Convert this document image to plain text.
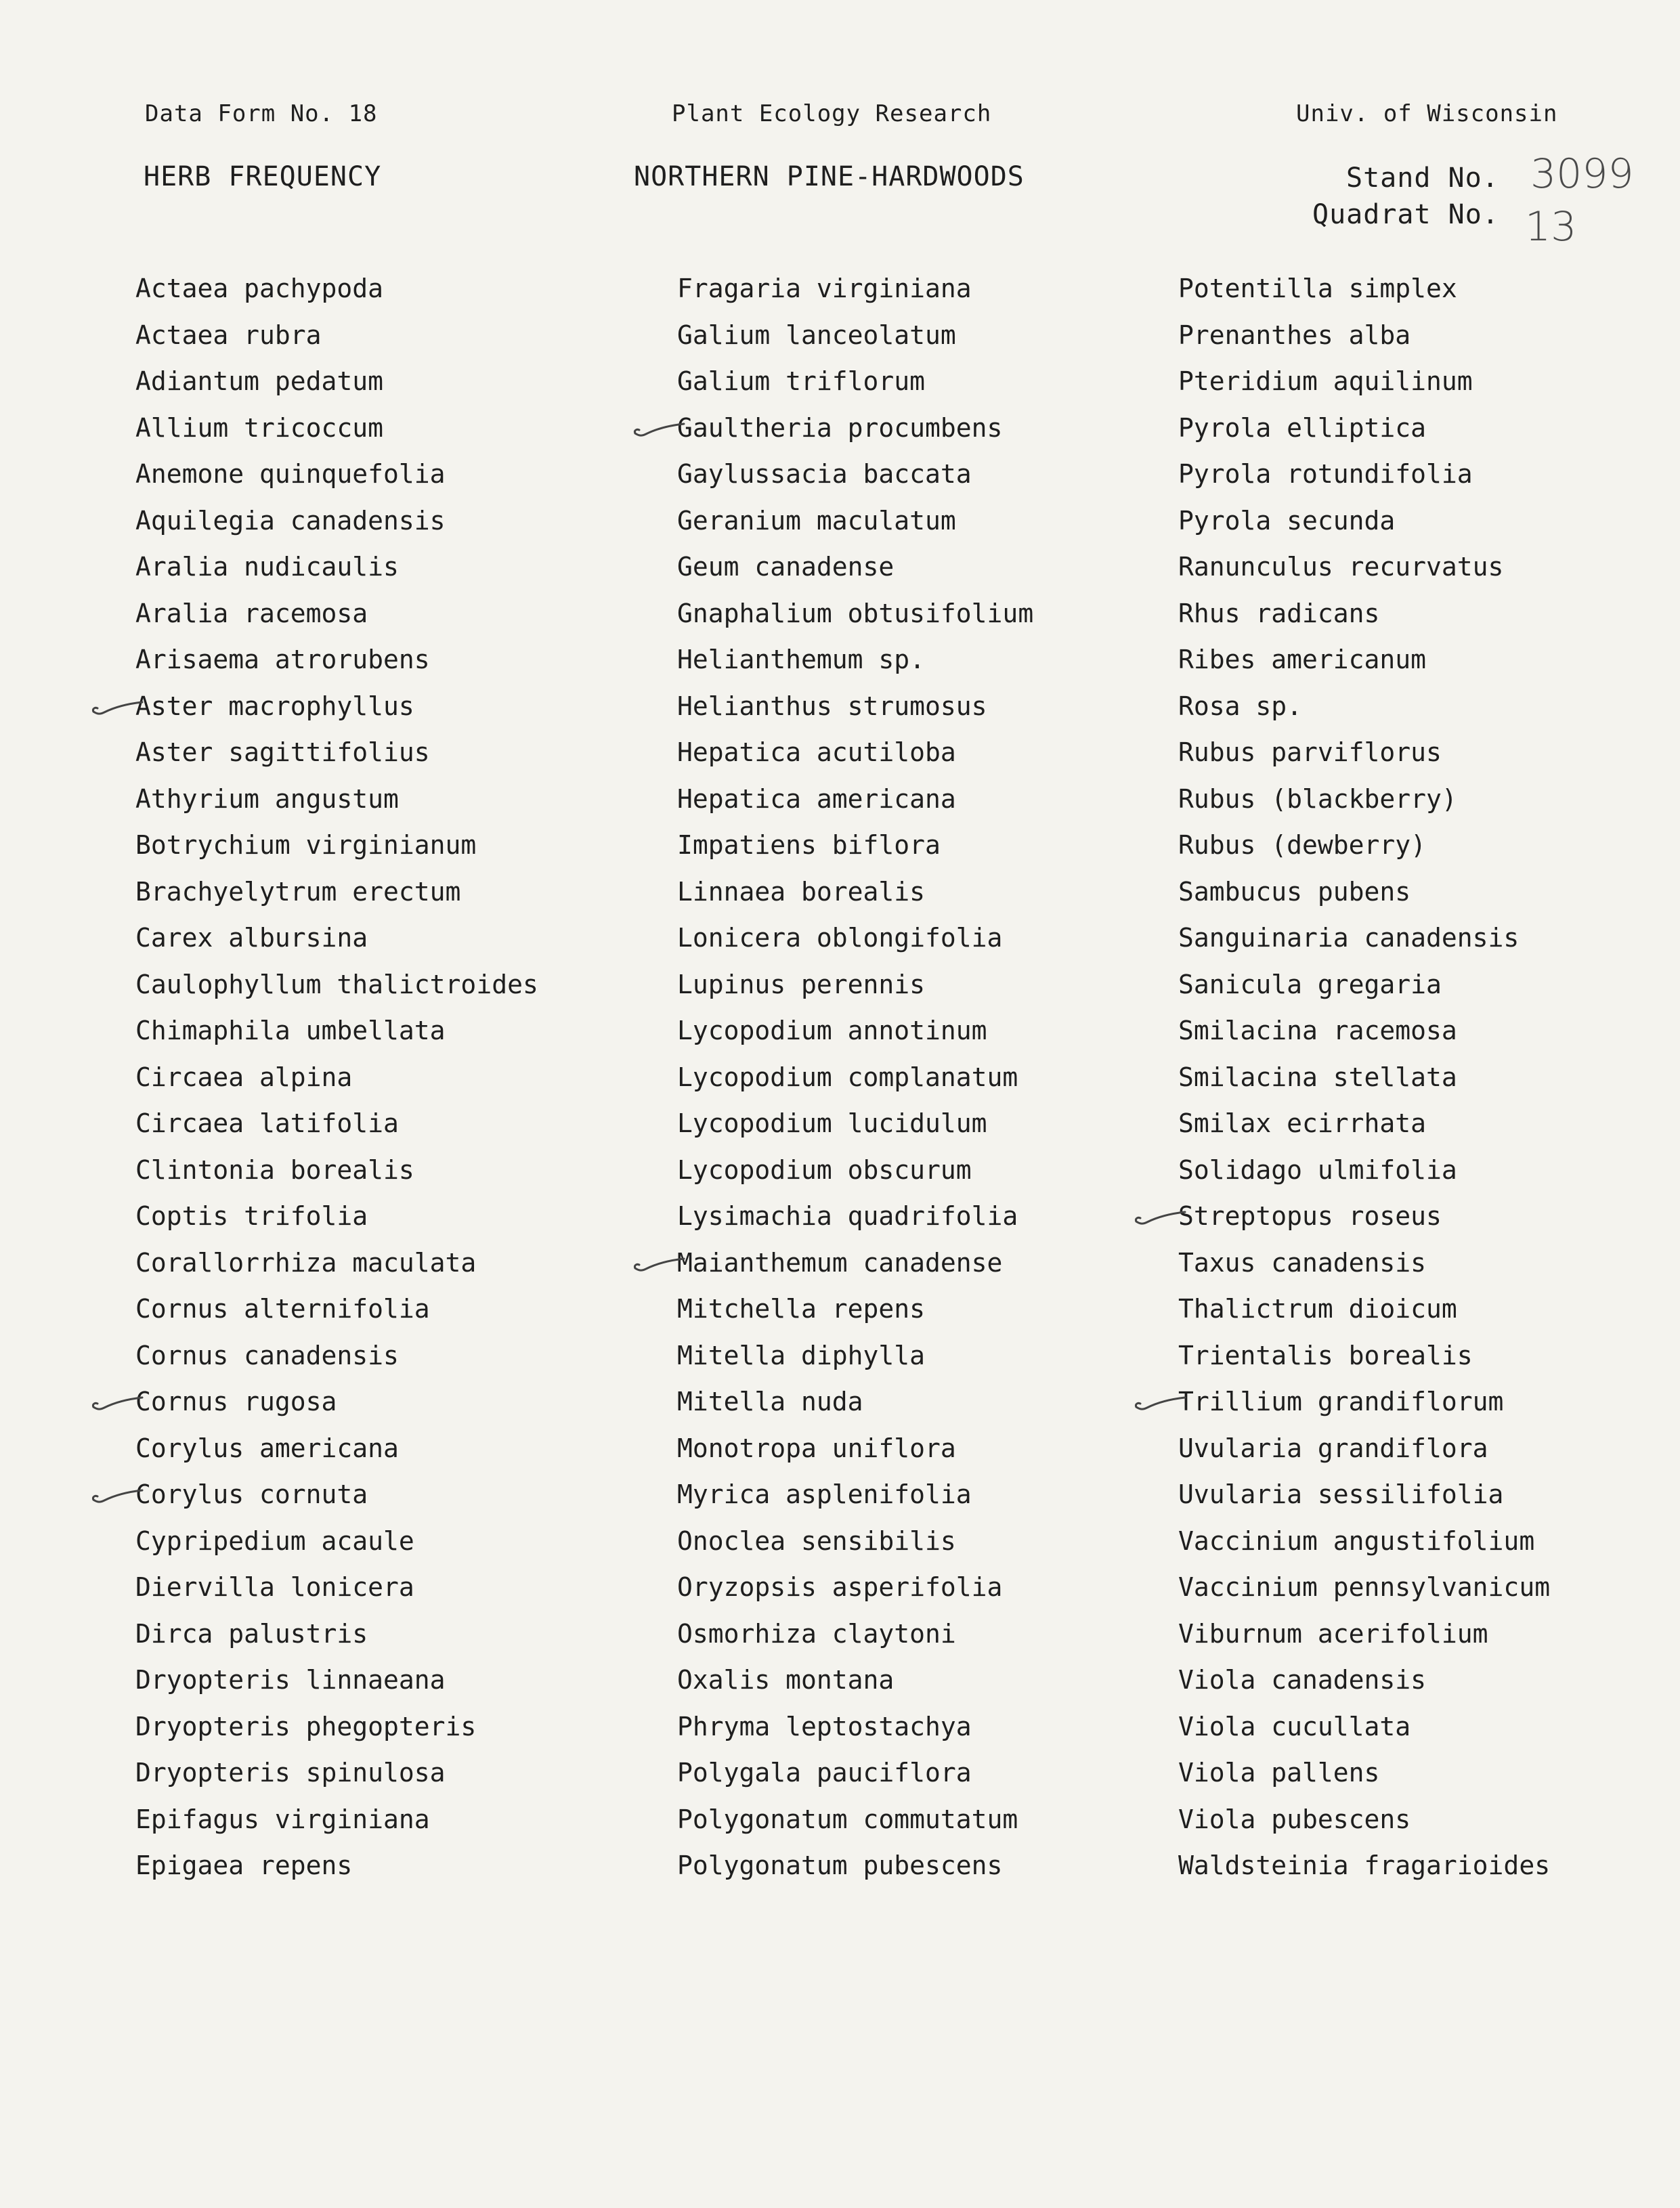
Data Form No. 18	Plant Ecology Research	Univ. of Wisconsin
HERB FREQUENCY	NORTHERN PINE-HARDWOODS	Stand No. 3099
Quadrat No. 13
Actaea pachypoda
Actaea rubra
Adiantum pedatum
Allium tricoccum
Anemone quinquefolia
Aquilegia canadensis
Aralia nudicaulis
Aralia racemosa
Arisaema atrorubens
Aster macrophyllus
Aster sagittifolius
Athyrium angustum
Botrychium virginianum
Brachyelytrum erectum
Carex albursina
Caulophyllum thalictroides
Chimaphila umbellata
Circaea alpina
Circaea latifolia
Clintonia borealis
Coptis trifolia
Corallorrhiza maculata
Cornus alternifolia
Cornus canadensis
Cornus rugosa
Corylus americana
Corylus cornuta
Cypripedium acaule
Diervilla lonicera
Dirca palustris
Dryopteris linnaeana
Dryopteris phegopteris
Dryopteris spinulosa
Epifagus virginiana
Epigaea repens
Fragaria virginiana
Galium lanceolatum
Galium triflorum
Gaultheria procumbens
Gaylussacia baccata
Geranium maculatum
Geum canadense
Gnaphalium obtusifolium
Helianthemum sp.
Helianthus strumosus
Hepatica acutiloba
Hepatica americana
Impatiens biflora
Linnaea borealis
Lonicera oblongifolia
Lupinus perennis
Lycopodium annotinum
Lycopodium complanatum
Lycopodium lucidulum
Lycopodium obscurum
Lysimachia quadrifolia
Maianthemum canadense
Mitchella repens
Mitella diphylla
Mitella nuda
Monotropa uniflora
Myrica asplenifolia
Onoclea sensibilis
Oryzopsis asperifolia
Osmorhiza claytoni
Oxalis montana
Phryma leptostachya
Polygala pauciflora
Polygonatum commutatum
Polygonatum pubescens
Potentilla simplex
Prenanthes alba
Pteridium aquilinum
Pyrola elliptica
Pyrola rotundifolia
Pyrola secunda
Ranunculus recurvatus
Rhus radicans
Ribes americanum
Rosa sp.
Rubus parviflorus
Rubus (blackberry)
Rubus (dewberry)
Sambucus pubens
Sanguinaria canadensis
Sanicula gregaria
Smilacina racemosa
Smilacina stellata
Smilax ecirrhata
Solidago ulmifolia
Streptopus roseus
Taxus canadensis
Thalictrum dioicum
Trientalis borealis
Trillium grandiflorum
Uvularia grandiflora
Uvularia sessilifolia
Vaccinium angustifolium
Vaccinium pennsylvanicum
Viburnum acerifolium
Viola canadensis
Viola cucullata
Viola pallens
Viola pubescens
Waldsteinia fragarioides
